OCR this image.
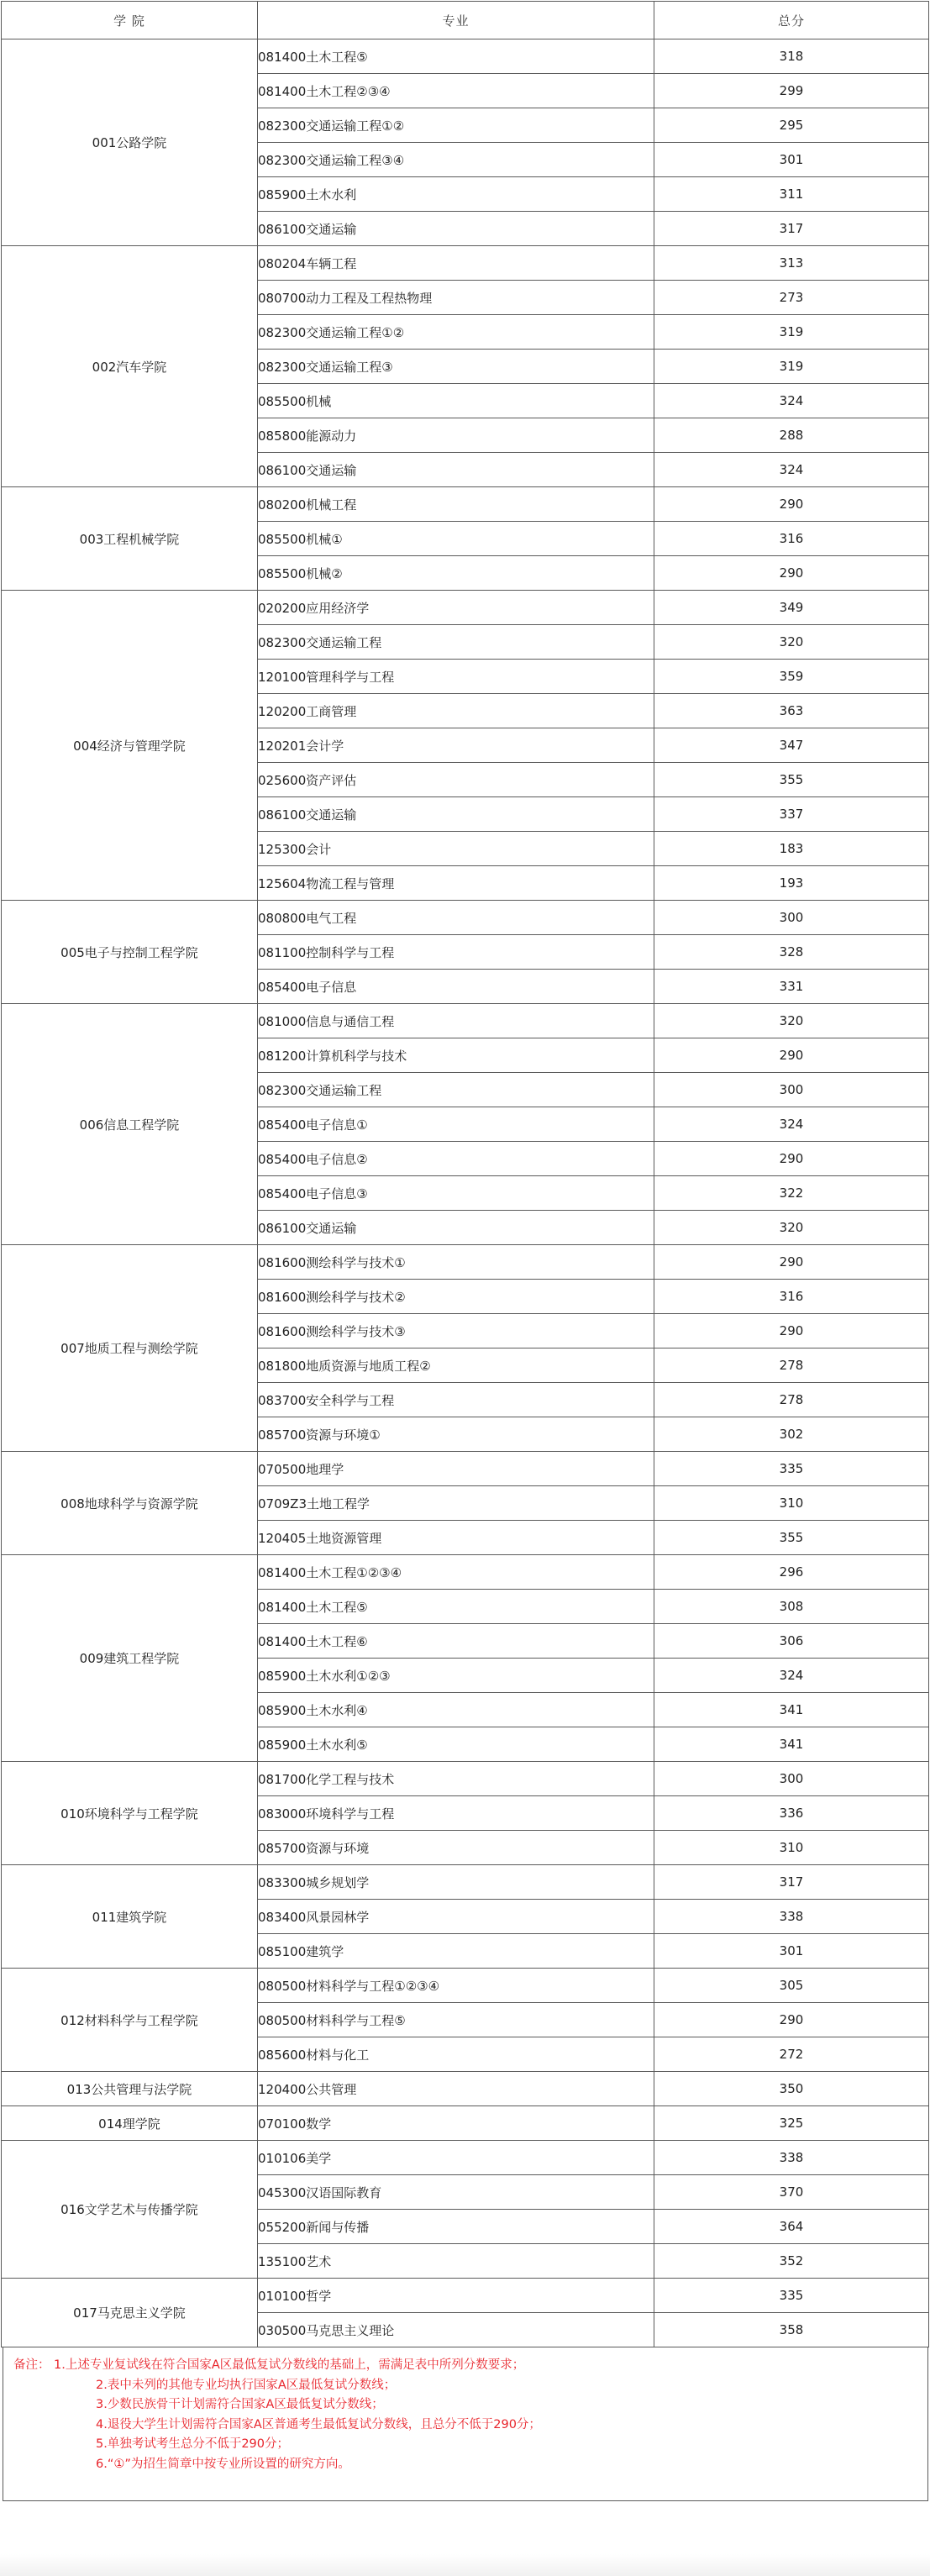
学 院	专业	总分
001公路学院	081400土木工程⑤	318
	081400土木工程②③④	299
	082300交通运输工程①②	295
	082300交通运输工程③④	301
	085900土木水利	311
	086100交通运输	317
002汽车学院	080204车辆工程	313
	080700动力工程及工程热物理	273
	082300交通运输工程①②	319
	082300交通运输工程③	319
	085500机械	324
	085800能源动力	288
	086100交通运输	324
003工程机械学院	080200机械工程	290
	085500机械①	316
	085500机械②	290
004经济与管理学院	020200应用经济学	349
	082300交通运输工程	320
	120100管理科学与工程	359
	120200工商管理	363
	120201会计学	347
	025600资产评估	355
	086100交通运输	337
	125300会计	183
	125604物流工程与管理	193
005电子与控制工程学院	080800电气工程	300
	081100控制科学与工程	328
	085400电子信息	331
006信息工程学院	081000信息与通信工程	320
	081200计算机科学与技术	290
	082300交通运输工程	300
	085400电子信息①	324
	085400电子信息②	290
	085400电子信息③	322
	086100交通运输	320
007地质工程与测绘学院	081600测绘科学与技术①	290
	081600测绘科学与技术②	316
	081600测绘科学与技术③	290
	081800地质资源与地质工程②	278
	083700安全科学与工程	278
	085700资源与环境①	302
008地球科学与资源学院	070500地理学	335
	0709Z3土地工程学	310
	120405土地资源管理	355
009建筑工程学院	081400土木工程①②③④	296
	081400土木工程⑤	308
	081400土木工程⑥	306
	085900土木水利①②③	324
	085900土木水利④	341
	085900土木水利⑤	341
010环境科学与工程学院	081700化学工程与技术	300
	083000环境科学与工程	336
	085700资源与环境	310
011建筑学院	083300城乡规划学	317
	083400风景园林学	338
	085100建筑学	301
012材料科学与工程学院	080500材料科学与工程①②③④	305
	080500材料科学与工程⑤	290
	085600材料与化工	272
013公共管理与法学院	120400公共管理	350
014理学院	070100数学	325
016文学艺术与传播学院	010106美学	338
	045300汉语国际教育	370
	055200新闻与传播	364
	135100艺术	352
017马克思主义学院	010100哲学	335
	030500马克思主义理论	358
备注： 1.上述专业复试线在符合国家A区最低复试分数线的基础上，需满足表中所列分数要求；
2.表中未列的其他专业均执行国家A区最低复试分数线；
3.少数民族骨干计划需符合国家A区最低复试分数线；
4.退役大学生计划需符合国家A区普通考生最低复试分数线，且总分不低于290分；
5.单独考试考生总分不低于290分；
6.“①”为招生简章中按专业所设置的研究方向。
